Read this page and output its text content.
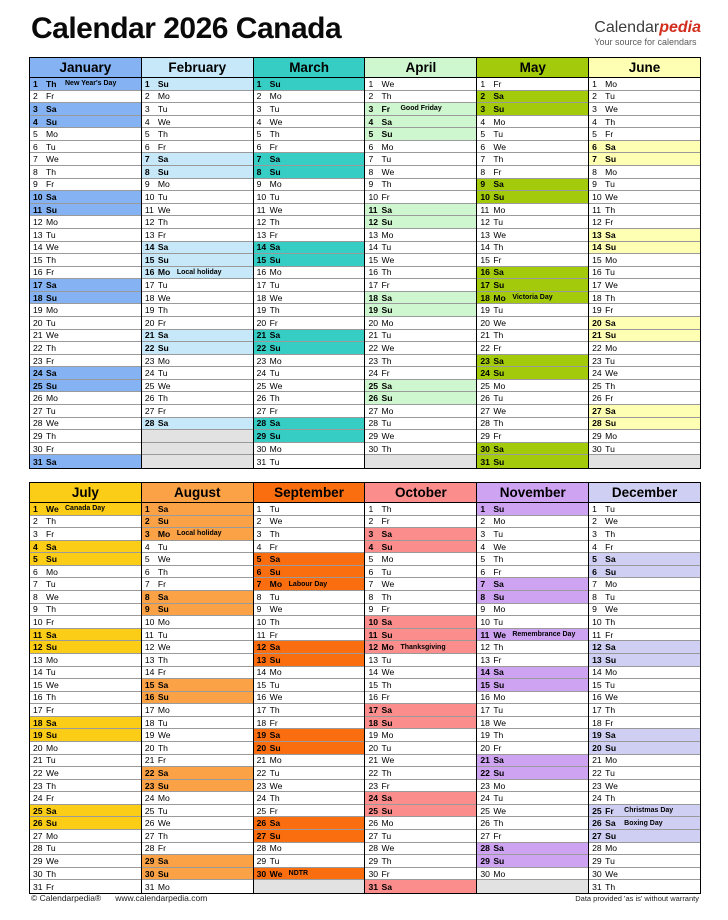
Calendar 2026 Canada	Calendarpedia
Your source for calendars
January
1 Th	New Year's Day
2 Fr
3 Sa
4 Su
5 Mo
6 Tu
7 We
8 Th
9 Fr
10 Sa
11 Su
12 Mo
13 Tu
14 We
15 Th
16 Fr
17 Sa
18 Su
19 Mo
20 Tu
21 We
22 Th
23 Fr
24 Sa
25 Su
26 Mo
27 Tu
28 We
29 Th
30 Fr
31 Sa
February
1 Su
2 Mo
3 Tu
4 We
5 Th
6 Fr
7 Sa
8 Su
9 Mo
10 Tu
11 We
12 Th
13 Fr
14 Sa
15 Su
16 Mo Local holiday
17 Tu
18 We
19 Th
20 Fr
21 Sa
22 Su
23 Mo
24 Tu
25 We
26 Th
27 Fr
28 Sa
March
1 Su
2 Mo
3 Tu
4 We
5 Th
6 Fr
7 Sa
8 Su
9 Mo
10 Tu
11 We
12 Th
13 Fr
14 Sa
15 Su
16 Mo
17 Tu
18 We
19 Th
20 Fr
21 Sa
22 Su
23 Mo
24 Tu
25 We
26 Th
27 Fr
28 Sa
29 Su
30 Mo
31 Tu
April
1 We
2 Th
3 Fr	Good Friday
4 Sa
5 Su
6 Mo
7 Tu
8 We
9 Th
10 Fr
11 Sa
12 Su
13 Mo
14 Tu
15 We
16 Th
17 Fr
18 Sa
19 Su
20 Mo
21 Tu
22 We
23 Th
24 Fr
25 Sa
26 Su
27 Mo
28 Tu
29 We
30 Th
May
1 Fr
2 Sa
3 Su
4 Mo
5 Tu
6 We
7 Th
8 Fr
9 Sa
10 Su
11 Mo
12 Tu
13 We
14 Th
15 Fr
16 Sa
17 Su
18 Mo Victoria Day
19 Tu
20 We
21 Th
22 Fr
23 Sa
24 Su
25 Mo
26 Tu
27 We
28 Th
29 Fr
30 Sa
31 Su
June
1 Mo
2 Tu
3 We
4 Th
5 Fr
6 Sa
7 Su
8 Mo
9 Tu
10 We
11 Th
12 Fr
13 Sa
14 Su
15 Mo
16 Tu
17 We
18 Th
19 Fr
20 Sa
21 Su
22 Mo
23 Tu
24 We
25 Th
26 Fr
27 Sa
28 Su
29 Mo
30 Tu
July
1 We Canada Day
2 Th
3 Fr
4 Sa
5 Su
6 Mo
7 Tu
8 We
9 Th
10 Fr
11 Sa
12 Su
13 Mo
14 Tu
15 We
16 Th
17 Fr
18 Sa
19 Su
20 Mo
21 Tu
22 We
23 Th
24 Fr
25 Sa
26 Su
27 Mo
28 Tu
29 We
30 Th
31 Fr
August
1 Sa
2 Su
3 Mo Local holiday
4 Tu
5 We
6 Th
7 Fr
8 Sa
9 Su
10 Mo
11 Tu
12 We
13 Th
14 Fr
15 Sa
16 Su
17 Mo
18 Tu
19 We
20 Th
21 Fr
22 Sa
23 Su
24 Mo
25 Tu
26 We
27 Th
28 Fr
29 Sa
30 Su
31 Mo
September
1 Tu
2 We
3 Th
4 Fr
5 Sa
6 Su
7 Mo Labour Day
8 Tu
9 We
10 Th
11 Fr
12 Sa
13 Su
14 Mo
15 Tu
16 We
17 Th
18 Fr
19 Sa
20 Su
21 Mo
22 Tu
23 We
24 Th
25 Fr
26 Sa
27 Su
28 Mo
29 Tu
30 We NDTR
October
1 Th
2 Fr
3 Sa
4 Su
5 Mo
6 Tu
7 We
8 Th
9 Fr
10 Sa
11 Su
12 Mo Thanksgiving
13 Tu
14 We
15 Th
16 Fr
17 Sa
18 Su
19 Mo
20 Tu
21 We
22 Th
23 Fr
24 Sa
25 Su
26 Mo
27 Tu
28 We
29 Th
30 Fr
31 Sa
November
1 Su
2 Mo
3 Tu
4 We
5 Th
6 Fr
7 Sa
8 Su
9 Mo
10 Tu
11 We Remembrance Day
12 Th
13 Fr
14 Sa
15 Su
16 Mo
17 Tu
18 We
19 Th
20 Fr
21 Sa
22 Su
23 Mo
24 Tu
25 We
26 Th
27 Fr
28 Sa
29 Su
30 Mo
December
1 Tu
2 We
3 Th
4 Fr
5 Sa
6 Su
7 Mo
8 Tu
9 We
10 Th
11 Fr
12 Sa
13 Su
14 Mo
15 Tu
16 We
17 Th
18 Fr
19 Sa
20 Su
21 Mo
22 Tu
23 We
24 Th
25 Fr	Christmas Day
26 Sa	Boxing Day
27 Su
28 Mo
29 Tu
30 We
31 Th
© Calendarpedia® www.calendarpedia.com	Data provided 'as is' without warranty
